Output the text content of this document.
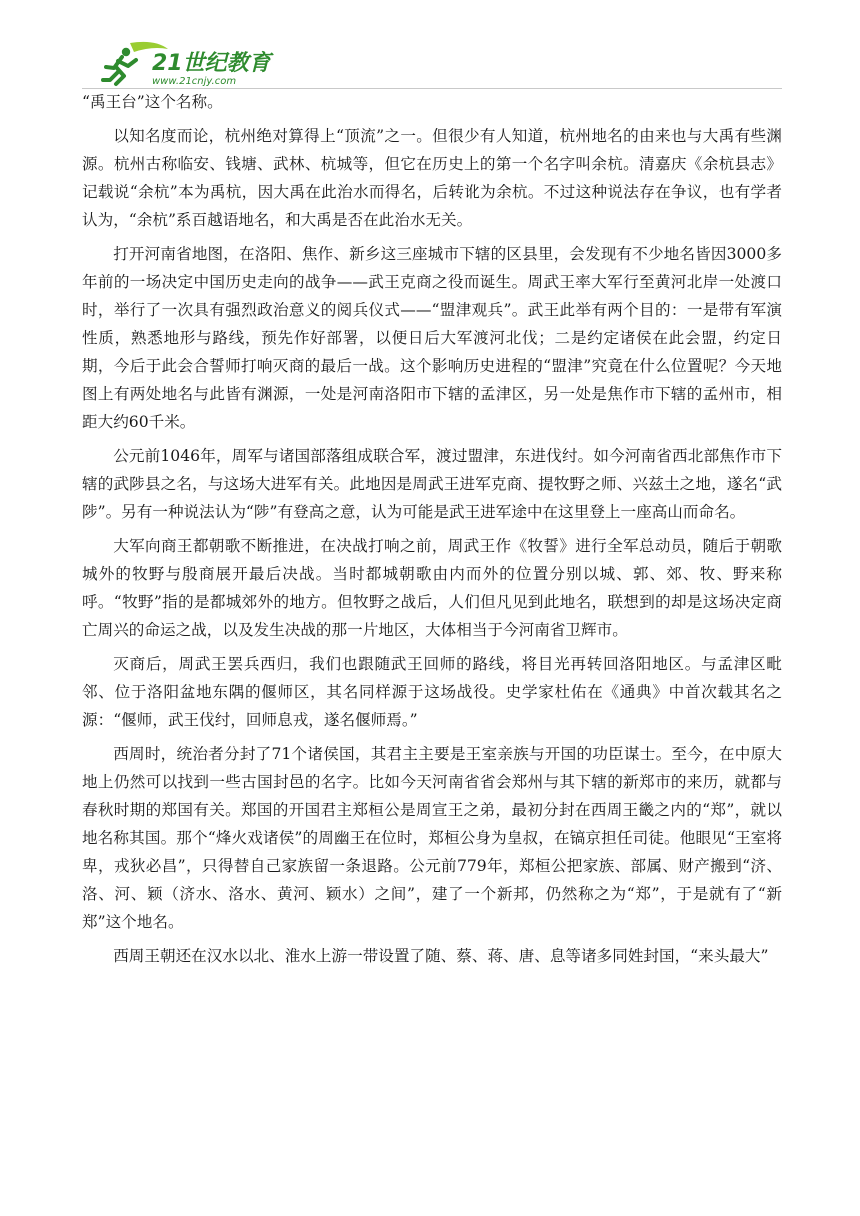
21世纪教育
www.21cnjy.com

“禹王台”这个名称。

以知名度而论，杭州绝对算得上“顶流”之一。但很少有人知道，杭州地名的由来也与大禹有些渊源。杭州古称临安、钱塘、武林、杭城等，但它在历史上的第一个名字叫余杭。清嘉庆《余杭县志》记载说“余杭”本为禹杭，因大禹在此治水而得名，后转讹为余杭。不过这种说法存在争议，也有学者认为，“余杭”系百越语地名，和大禹是否在此治水无关。

打开河南省地图，在洛阳、焦作、新乡这三座城市下辖的区县里，会发现有不少地名皆因3000多年前的一场决定中国历史走向的战争——武王克商之役而诞生。周武王率大军行至黄河北岸一处渡口时，举行了一次具有强烈政治意义的阅兵仪式——“盟津观兵”。武王此举有两个目的：一是带有军演性质，熟悉地形与路线，预先作好部署，以便日后大军渡河北伐；二是约定诸侯在此会盟，约定日期，今后于此会合誓师打响灭商的最后一战。这个影响历史进程的“盟津”究竟在什么位置呢？今天地图上有两处地名与此皆有渊源，一处是河南洛阳市下辖的孟津区，另一处是焦作市下辖的孟州市，相距大约60千米。

公元前1046年，周军与诸国部落组成联合军，渡过盟津，东进伐纣。如今河南省西北部焦作市下辖的武陟县之名，与这场大进军有关。此地因是周武王进军克商、提牧野之师、兴兹土之地，遂名“武陟”。另有一种说法认为“陟”有登高之意，认为可能是武王进军途中在这里登上一座高山而命名。

大军向商王都朝歌不断推进，在决战打响之前，周武王作《牧誓》进行全军总动员，随后于朝歌城外的牧野与殷商展开最后决战。当时都城朝歌由内而外的位置分别以城、郭、郊、牧、野来称呼。“牧野”指的是都城郊外的地方。但牧野之战后，人们但凡见到此地名，联想到的却是这场决定商亡周兴的命运之战，以及发生决战的那一片地区，大体相当于今河南省卫辉市。

灭商后，周武王罢兵西归，我们也跟随武王回师的路线，将目光再转回洛阳地区。与孟津区毗邻、位于洛阳盆地东隅的偃师区，其名同样源于这场战役。史学家杜佑在《通典》中首次载其名之源：“偃师，武王伐纣，回师息戎，遂名偃师焉。”

西周时，统治者分封了71个诸侯国，其君主主要是王室亲族与开国的功臣谋士。至今，在中原大地上仍然可以找到一些古国封邑的名字。比如今天河南省省会郑州与其下辖的新郑市的来历，就都与春秋时期的郑国有关。郑国的开国君主郑桓公是周宣王之弟，最初分封在西周王畿之内的“郑”，就以地名称其国。那个“烽火戏诸侯”的周幽王在位时，郑桓公身为皇叔，在镐京担任司徒。他眼见“王室将卑，戎狄必昌”，只得替自己家族留一条退路。公元前779年，郑桓公把家族、部属、财产搬到“济、洛、河、颖（济水、洛水、黄河、颖水）之间”，建了一个新邦，仍然称之为“郑”，于是就有了“新郑”这个地名。

西周王朝还在汉水以北、淮水上游一带设置了随、蔡、蒋、唐、息等诸多同姓封国，“来头最大”
